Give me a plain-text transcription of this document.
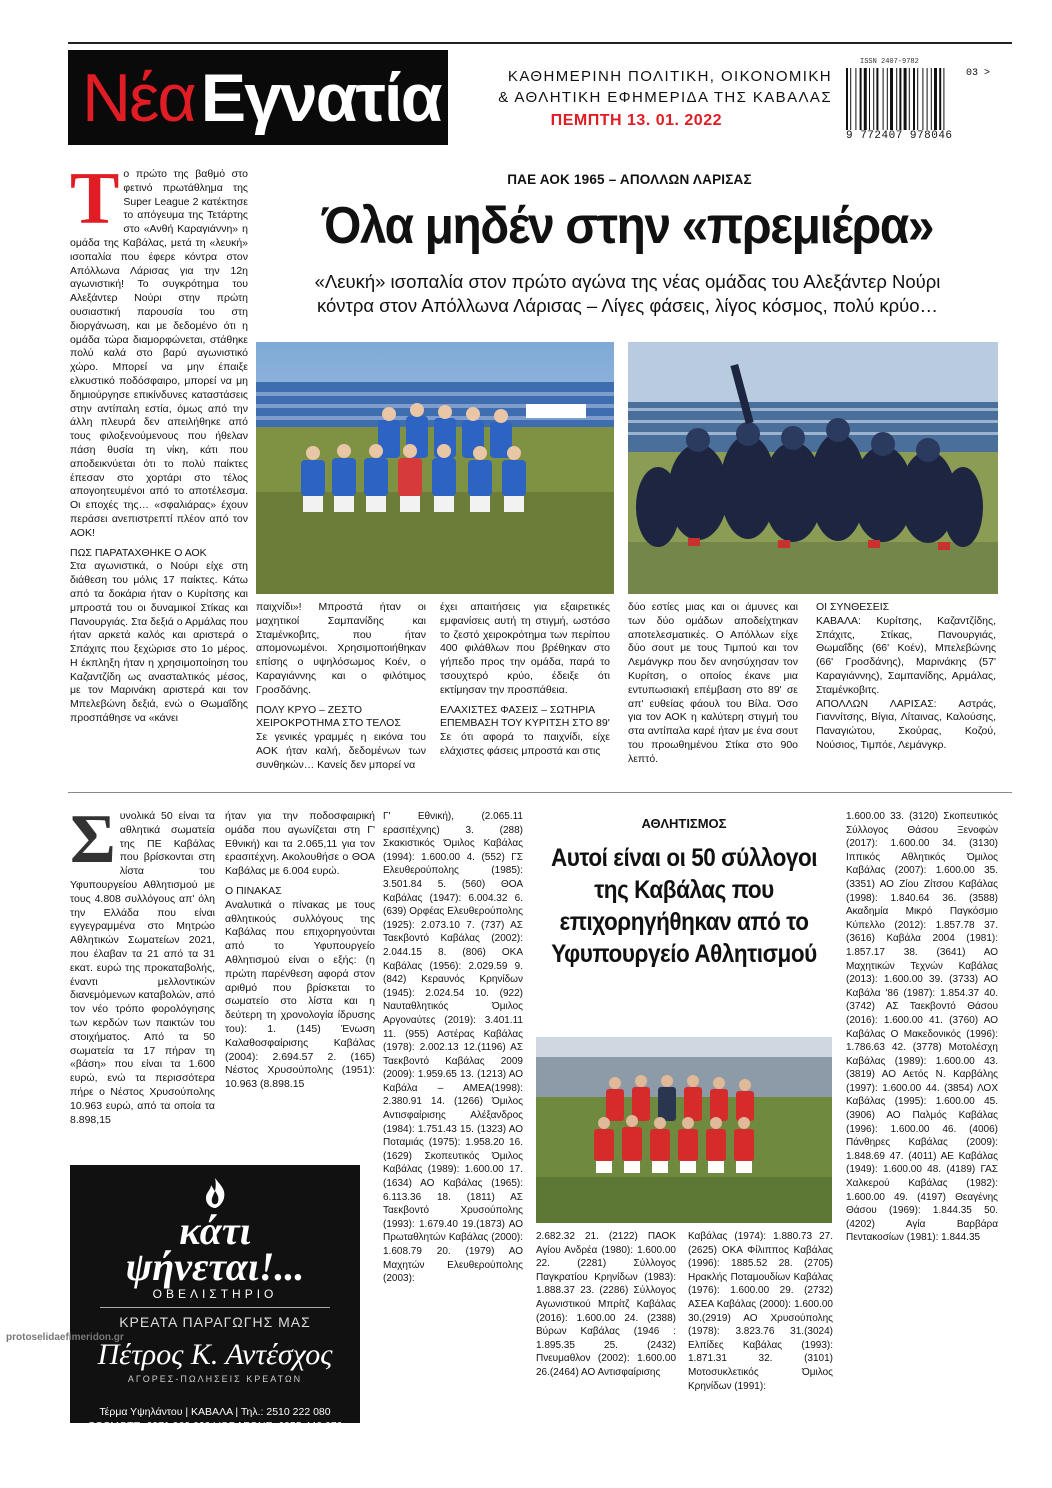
Νέα Εγνατία	ΚΑΘΗΜΕΡΙΝΗ ΠΟΛΙΤΙΚΗ, ΟΙΚΟΝΟΜΙΚΗ
& ΑΘΛΗΤΙΚΗ ΕΦΗΜΕΡΙΔΑ ΤΗΣ ΚΑΒΑΛΑΣ
ΠΕΜΠΤΗ 13. 01. 2022
ISSN 2407-9782
9 772407 978046
03 >
Τ ο πρώτο της βαθμό στο φετινό πρωτάθλημα της Super League 2 κατέκτησε το απόγευμα της Τετάρτης στο «Ανθή Καραγιάννη» η ομάδα της Καβάλας, μετά τη «λευκή» ισοπαλία που έφερε κόντρα στον Απόλλωνα Λάρισας για την 12η αγωνιστική! Το συγκρότημα του Αλεξάντερ Νούρι στην πρώτη ουσιαστική παρουσία του στη διοργάνωση, και με δεδομένο ότι η ομάδα τώρα διαμορφώνεται, στάθηκε πολύ καλά στο βαρύ αγωνιστικό χώρο. Μπορεί να μην έπαιξε ελκυστικό ποδόσφαιρο, μπορεί να μη δημιούργησε επικίνδυνες καταστάσεις στην αντίπαλη εστία, όμως από την άλλη πλευρά δεν απειλήθηκε από τους φιλοξενούμενους που ήθελαν πάση θυσία τη νίκη, κάτι που αποδεικνύεται ότι το πολύ παίκτες έπεσαν στο χορτάρι στο τέλος απογοητευμένοι από το αποτέλεσμα. Οι εποχές της… «σφαλιάρας» έχουν περάσει ανεπιστρεπτί πλέον από τον ΑΟΚ!
ΠΩΣ ΠΑΡΑΤΑΧΘΗΚΕ Ο ΑΟΚ
Στα αγωνιστικά, ο Νούρι είχε στη διάθεση του μόλις 17 παίκτες. Κάτω από τα δοκάρια ήταν ο Κυρίτσης και μπροστά του οι δυναμικοί Στίκας και Πανουργιάς. Στα δεξιά ο Αρμάλας που ήταν αρκετά καλός και αριστερά ο Σπάχιτς που ξεχώρισε στο 1ο μέρος. Η έκπληξη ήταν η χρησιμοποίηση του Καζαντζίδη ως ανασταλτικός μέσος, με τον Μαρινάκη αριστερά και τον Μπελεβώνη δεξιά, ενώ ο Θωμαΐδης προσπάθησε να «κάνει
ΠΑΕ ΑΟΚ 1965 – ΑΠΟΛΛΩΝ ΛΑΡΙΣΑΣ
Όλα μηδέν στην «πρεμιέρα»
«Λευκή» ισοπαλία στον πρώτο αγώνα της νέας ομάδας του Αλεξάντερ Νούρι
κόντρα στον Απόλλωνα Λάρισας – Λίγες φάσεις, λίγος κόσμος, πολύ κρύο…
παιχνίδι»! Μπροστά ήταν οι μαχητικοί Σαμπανίδης και Σταμένκοβιτς, που ήταν απομονωμένοι. Χρησιμοποιήθηκαν επίσης ο υψηλόσωμος Κοέν, ο Καραγιάννης και ο φιλότιμος Γροσδάνης.
ΠΟΛΥ ΚΡΥΟ – ΖΕΣΤΟ
ΧΕΙΡΟΚΡΟΤΗΜΑ ΣΤΟ ΤΕΛΟΣ
Σε γενικές γραμμές η εικόνα του ΑΟΚ ήταν καλή, δεδομένων των συνθηκών… Κανείς δεν μπορεί να
έχει απαιτήσεις για εξαιρετικές εμφανίσεις αυτή τη στιγμή, ωστόσο το ζεστό χειροκρότημα των περίπου 400 φιλάθλων που βρέθηκαν στο γήπεδο προς την ομάδα, παρά το τσουχτερό κρύο, έδειξε ότι εκτίμησαν την προσπάθεια.
ΕΛΑΧΙΣΤΕΣ ΦΑΣΕΙΣ – ΣΩΤΗΡΙΑ
ΕΠΕΜΒΑΣΗ ΤΟΥ ΚΥΡΙΤΣΗ ΣΤΟ 89'
Σε ότι αφορά το παιχνίδι, είχε ελάχιστες φάσεις μπροστά και στις
δύο εστίες μιας και οι άμυνες και των δύο ομάδων αποδείχτηκαν αποτελεσματικές. Ο Απόλλων είχε δύο σουτ με τους Τιμπού και τον Λεμάνγκρ που δεν ανησύχησαν τον Κυρίτση, ο οποίος έκανε μια εντυπωσιακή επέμβαση στο 89' σε απ' ευθείας φάουλ του Βίλα. Όσο για τον ΑΟΚ η καλύτερη στιγμή του στα αντίπαλα καρέ ήταν με ένα σουτ του προωθημένου Στίκα στο 90ο λεπτό.
ΟΙ ΣΥΝΘΕΣΕΙΣ
ΚΑΒΑΛΑ: Κυρίτσης, Καζαντζίδης, Σπάχιτς, Στίκας, Πανουργιάς, Θωμαΐδης (66' Κοέν), Μπελεβώνης (66' Γροσδάνης), Μαρινάκης (57' Καραγιάννης), Σαμπανίδης, Αρμάλας, Σταμένκοβιτς.
ΑΠΟΛΛΩΝ ΛΑΡΙΣΑΣ: Αστράς, Γιαννίτσης, Βίγια, Λίταινας, Καλούσης, Παναγιώτου, Σκούρας, Κοζού, Νούσιος, Τιμπόε, Λεμάνγκρ.
Σ υνολικά 50 είναι τα αθλητικά σωματεία της ΠΕ Καβάλας που βρίσκονται στη λίστα του Υφυπουργείου Αθλητισμού με τους 4.808 συλλόγους απ' όλη την Ελλάδα που είναι εγγεγραμμένα στο Μητρώο Αθλητικών Σωματείων 2021, που έλαβαν τα 21 από τα 31 εκατ. ευρώ της προκαταβολής, έναντι μελλοντικών διανεμόμενων καταβολών, από τον νέο τρόπο φορολόγησης των κερδών των παικτών του στοιχήματος. Από τα 50 σωματεία τα 17 πήραν τη «βάση» που είναι τα 1.600 ευρώ, ενώ τα περισσότερα πήρε ο Νέστος Χρυσούπολης 10.963 ευρώ, από τα οποία τα 8.898,15
ήταν για την ποδοσφαιρική ομάδα που αγωνίζεται στη Γ' Εθνική) και τα 2.065,11 για τον ερασιτέχνη. Ακολουθήσε ο ΘΟΑ Καβάλας με 6.004 ευρώ.
Ο ΠΙΝΑΚΑΣ
Αναλυτικά ο πίνακας με τους αθλητικούς συλλόγους της Καβάλας που επιχορηγούνται από το Υφυπουργείο Αθλητισμού είναι ο εξής: (η πρώτη παρένθεση αφορά στον αριθμό που βρίσκεται το σωματείο στο λίστα και η δεύτερη τη χρονολογία ίδρυσης του): 1. (145) Ένωση Καλαθοσφαίρισης Καβάλας (2004): 2.694.57 2. (165) Νέστος Χρυσούπολης (1951): 10.963 (8.898.15
Γ' Εθνική), (2.065.11 ερασιτέχνης) 3. (288) Σκακιστικός Όμιλος Καβάλας (1994): 1.600.00 4. (552) ΓΣ Ελευθερούπολης (1985): 3.501.84 5. (560) ΘΟΑ Καβάλας (1947): 6.004.32 6. (639) Ορφέας Ελευθερούπολης (1925): 2.073.10 7. (737) ΑΣ Ταεκβοντό Καβάλας (2002): 2.044.15 8. (806) ΟΚΑ Καβάλας (1956): 2.029.59 9. (842) Κεραυνός Κρηνίδων (1945): 2.024.54 10. (922) Ναυταθλητικός Όμιλος Αργοναύτες (2019): 3.401.11 11. (955) Αστέρας Καβάλας (1978): 2.002.13 12.(1196) ΑΣ Ταεκβοντό Καβάλας 2009 (2009): 1.959.65 13. (1213) ΑΟ Καβάλα – ΑΜΕΑ(1998): 2.380.91 14. (1266) Όμιλος Αντισφαίρισης Αλέξανδρος (1984): 1.751.43 15. (1323) ΑΟ Ποταμιάς (1975): 1.958.20 16. (1629) Σκοπευτικός Όμιλος Καβάλας (1989): 1.600.00 17. (1634) ΑΟ Καβάλας (1965): 6.113.36 18. (1811) ΑΣ Ταεκβοντό Χρυσούπολης (1993): 1.679.40 19.(1873) ΑΟ Πρωταθλητών Καβάλας (2000): 1.608.79 20. (1979) ΑΟ Μαχητών Ελευθερούπολης (2003):
ΑΘΛΗΤΙΣΜΟΣ
Αυτοί είναι οι 50 σύλλογοι της Καβάλας που επιχορηγήθηκαν από το Υφυπουργείο Αθλητισμού
2.682.32 21. (2122) ΠΑΟΚ Αγίου Ανδρέα (1980): 1.600.00 22. (2281) Σύλλογος Παγκρατίου Κρηνίδων (1983): 1.888.37 23. (2286) Σύλλογος Αγωνιστικού Μπρίτζ Καβάλας (2016): 1.600.00 24. (2388) Βύρων Καβάλας (1946 : 1.895.35 25. (2432) Πνευμαθλον (2002): 1.600.00 26.(2464) ΑΟ Αντισφαίρισης
Καβάλας (1974): 1.880.73 27. (2625) ΟΚΑ Φίλιππος Καβάλας (1996): 1885.52 28. (2705) Ηρακλής Ποταμουδίων Καβάλας (1976): 1.600.00 29. (2732) ΑΣΕΑ Καβάλας (2000): 1.600.00 30.(2919) ΑΟ Χρυσούπολης (1978): 3.823.76 31.(3024) Ελπίδες Καβάλας (1993): 1.871.31 32. (3101) Μοτοσυκλετικός Όμιλος Κρηνίδων (1991):
1.600.00 33. (3120) Σκοπευτικός Σύλλογος Θάσου Ξενοφών (2017): 1.600.00 34. (3130) Ιππικός Αθλητικός Όμιλος Καβάλας (2007): 1.600.00 35. (3351) ΑΟ Ζίου Ζίτσου Καβάλας (1998): 1.840.64 36. (3588) Ακαδημία Μικρό Παγκόσμιο Κύπελλο (2012): 1.857.78 37. (3616) Καβάλα 2004 (1981): 1.857.17 38. (3641) ΑΟ Μαχητικών Τεχνών Καβάλας (2013): 1.600.00 39. (3733) ΑΟ Καβάλα '86 (1987): 1.854.37 40. (3742) ΑΣ Ταεκβοντό Θάσου (2016): 1.600.00 41. (3760) ΑΟ Καβάλας Ο Μακεδονικός (1996): 1.786.63 42. (3778) Μοτολέσχη Καβάλας (1989): 1.600.00 43. (3819) ΑΟ Αετός Ν. Καρβάλης (1997): 1.600.00 44. (3854) ΛΟΧ Καβάλας (1995): 1.600.00 45. (3906) ΑΟ Παλμός Καβάλας (1996): 1.600.00 46. (4006) Πάνθηρες Καβάλας (2009): 1.848.69 47. (4011) ΑΕ Καβάλας (1949): 1.600.00 48. (4189) ΓΑΣ Χαλκερού Καβάλας (1982): 1.600.00 49. (4197) Θεαγένης Θάσου (1969): 1.844.35 50. (4202) Αγία Βαρβάρα Πεντακοσίων (1981): 1.844.35
κάτι
ψήνεται!...
ΟΒΕΛΙΣΤΗΡΙΟ
ΚΡΕΑΤΑ ΠΑΡΑΓΩΓΗΣ ΜΑΣ
Πέτρος Κ. Αντέσχος
ΑΓΟΡΕΣ-ΠΩΛΗΣΕΙΣ ΚΡΕΑΤΩΝ
Τέρμα Υψηλάντου | ΚΑΒΑΛΑ | Τηλ.: 2510 222 080
COSMOTE: 6971 969 099 VODAFONE: 6955 440 070
protoselidaefimeridon.gr
